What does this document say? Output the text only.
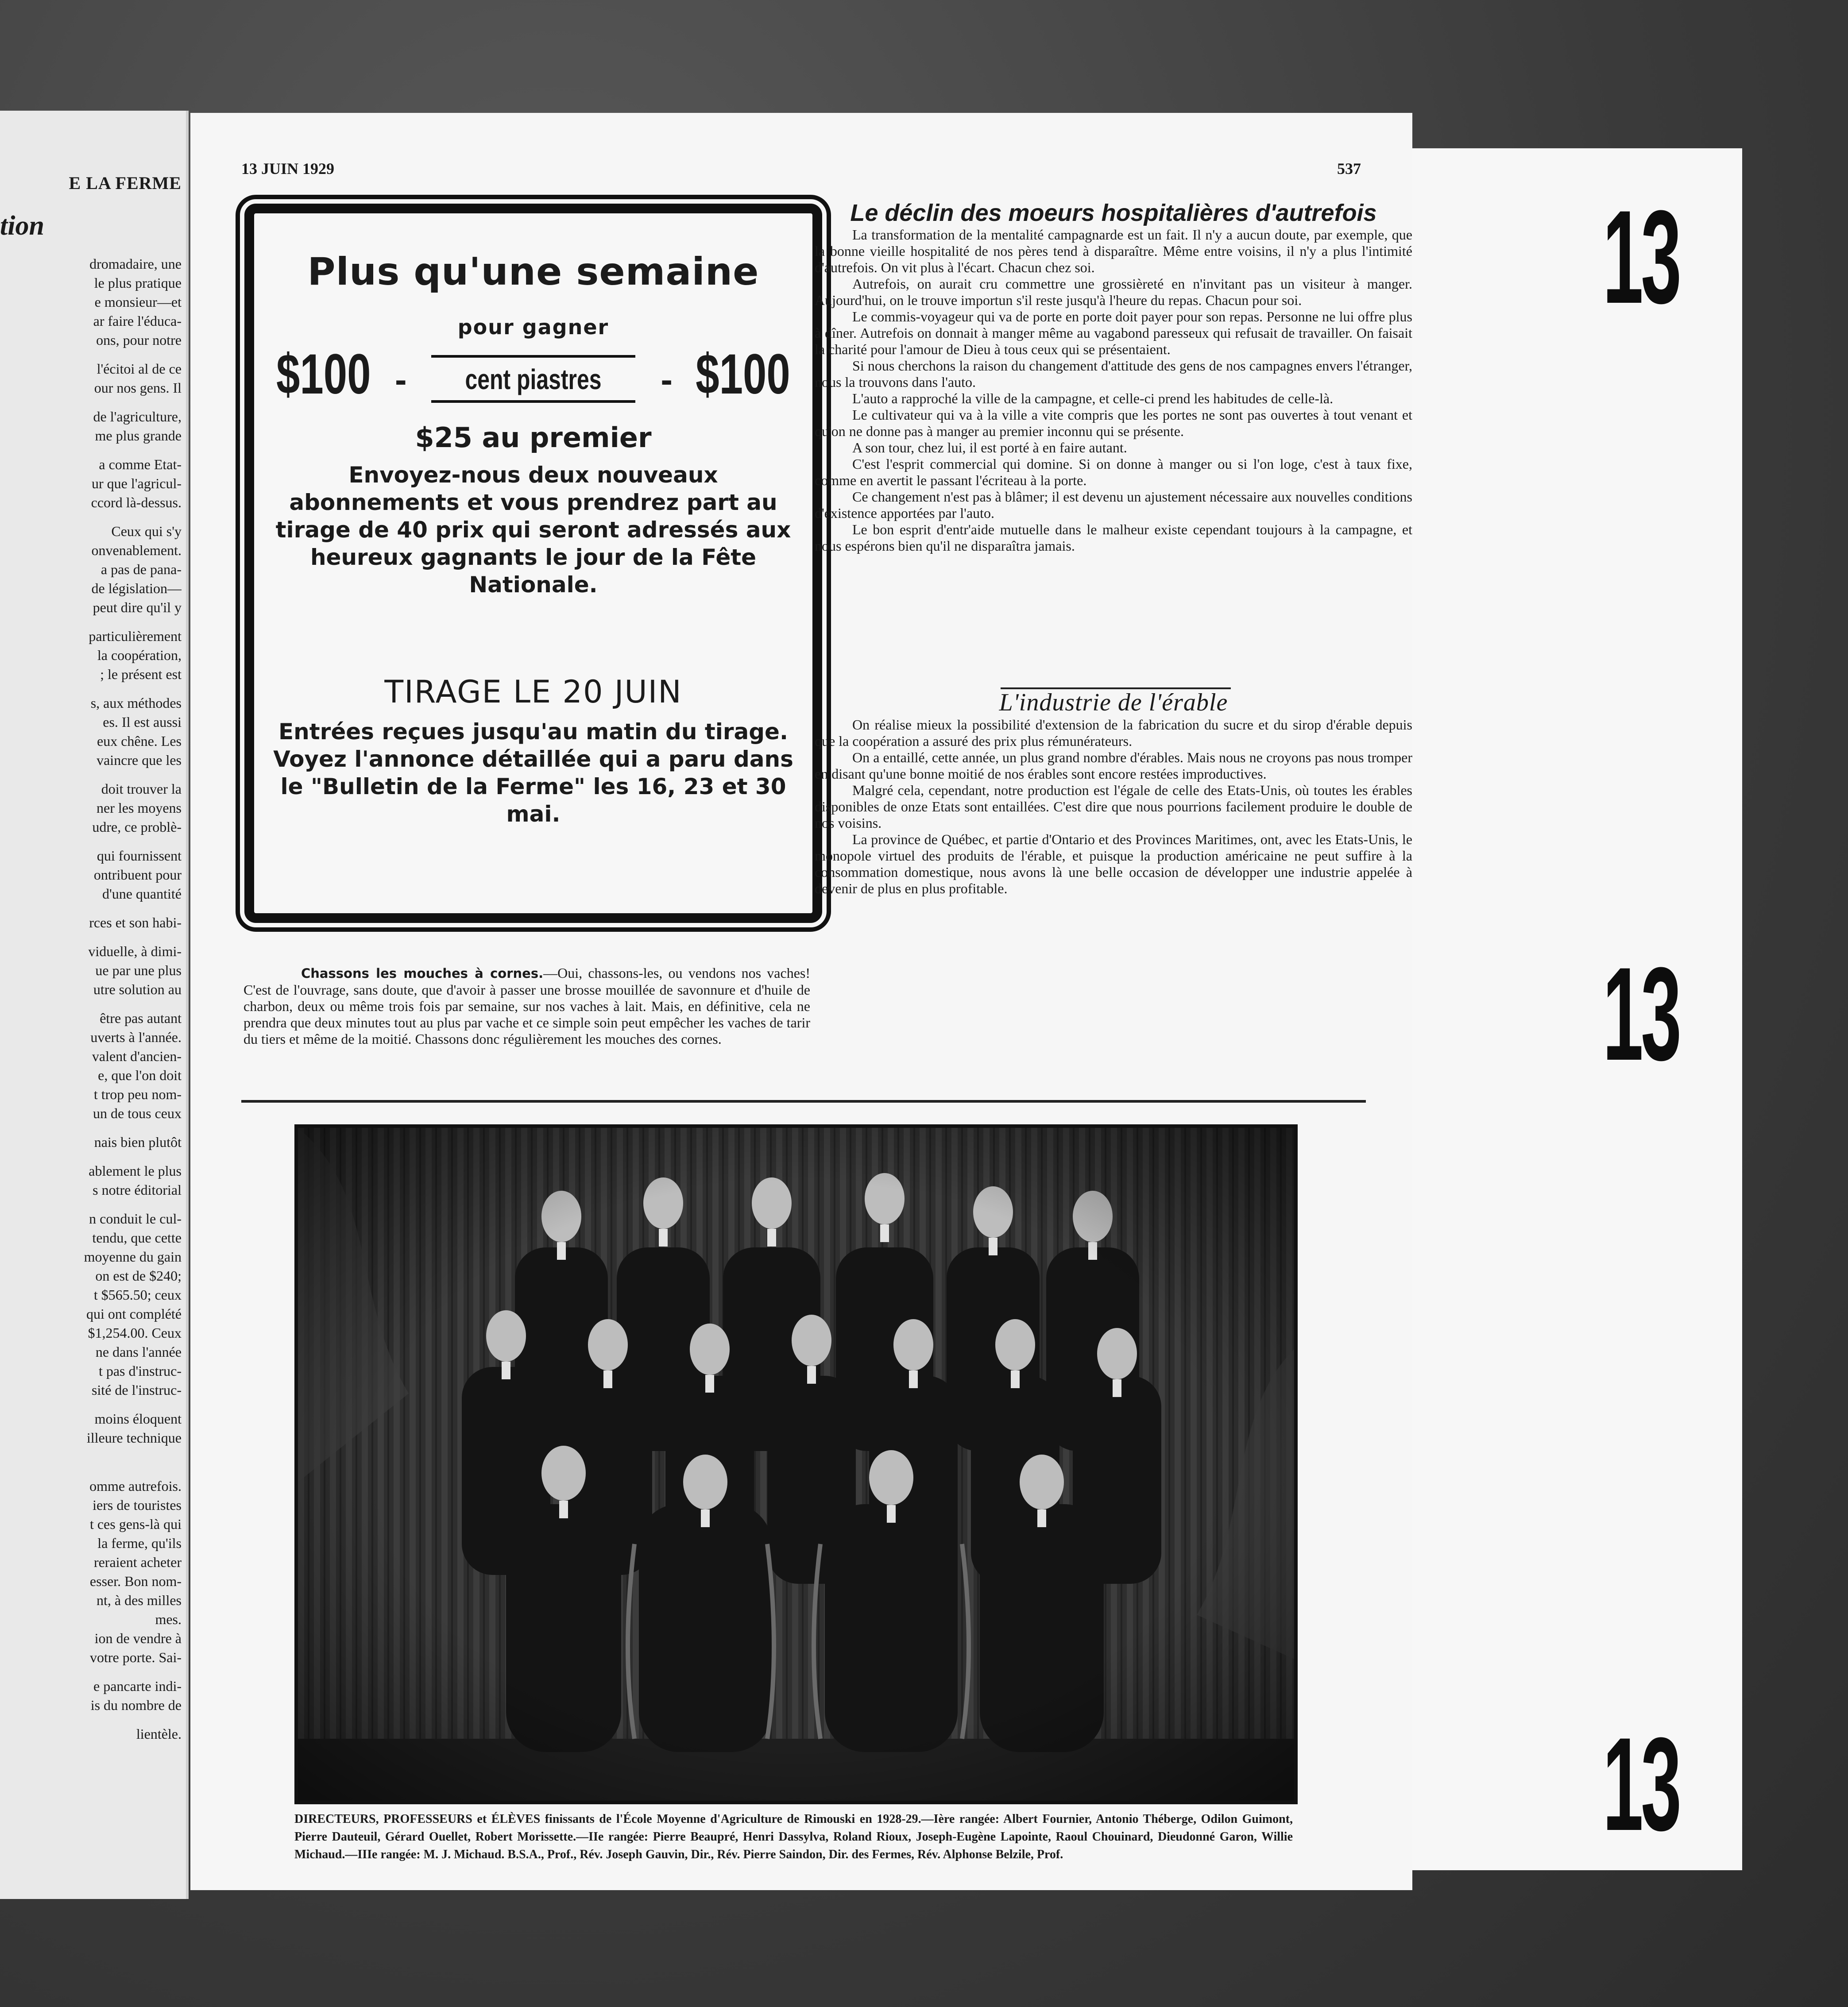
E LA FERME
tion
dromadaire, une
le plus pratique
e monsieur—et
ar faire l'éduca-
ons, pour notre
l'écitoi al de ce
our nos gens. Il
de l'agriculture,
me plus grande
a comme Etat-
ur que l'agricul-
ccord là-dessus.
Ceux qui s'y
onvenablement.
a pas de pana-
de législation—
peut dire qu'il y
particulièrement
la coopération,
; le présent est
s, aux méthodes
es. Il est aussi
eux chêne. Les
vaincre que les
doit trouver la
ner les moyens
udre, ce problè-
qui fournissent
ontribuent pour
d'une quantité
rces et son habi-
viduelle, à dimi-
ue par une plus
utre solution au
être pas autant
uverts à l'année.
valent d'ancien-
e, que l'on doit
t trop peu nom-
un de tous ceux
nais bien plutôt
ablement le plus
s notre éditorial
n conduit le cul-
tendu, que cette
moyenne du gain
on est de $240;
t $565.50; ceux
qui ont complété
$1,254.00. Ceux
ne dans l'année
t pas d'instruc-
sité de l'instruc-
moins éloquent
illeure technique
omme autrefois.
iers de touristes
t ces gens-là qui
la ferme, qu'ils
reraient acheter
esser. Bon nom-
nt, à des milles
mes.
ion de vendre à
votre porte. Sai-
e pancarte indi-
is du nombre de
lientèle.
13
13
13
13 JUIN 1929	537
Plus qu'une semaine
pour gagner
$100 -	cent piastres	- $100
$25 au premier
Envoyez-nous deux nouveaux abonnements et vous prendrez part au tirage de 40 prix qui seront adressés aux heureux gagnants le jour de la Fête Nationale.
TIRAGE LE 20 JUIN
Entrées reçues jusqu'au matin du tirage. Voyez l'annonce détaillée qui a paru dans le "Bulletin de la Ferme" les 16, 23 et 30 mai.
Le déclin des moeurs hospitalières d'autrefois

La transformation de la mentalité campagnarde est un fait. Il n'y a aucun doute, par exemple, que la bonne vieille hospitalité de nos pères tend à disparaître. Même entre voisins, il n'y a plus l'intimité d'autrefois. On vit plus à l'écart. Chacun chez soi.

Autrefois, on aurait cru commettre une grossièreté en n'invitant pas un visiteur à manger. Aujourd'hui, on le trouve importun s'il reste jusqu'à l'heure du repas. Chacun pour soi.

Le commis-voyageur qui va de porte en porte doit payer pour son repas. Personne ne lui offre plus à dîner. Autrefois on donnait à manger même au vagabond paresseux qui refusait de travailler. On faisait la charité pour l'amour de Dieu à tous ceux qui se présentaient.

Si nous cherchons la raison du changement d'attitude des gens de nos campagnes envers l'étranger, nous la trouvons dans l'auto.

L'auto a rapproché la ville de la campagne, et celle-ci prend les habitudes de celle-là.

Le cultivateur qui va à la ville a vite compris que les portes ne sont pas ouvertes à tout venant et qu'on ne donne pas à manger au premier inconnu qui se présente.

A son tour, chez lui, il est porté à en faire autant.

C'est l'esprit commercial qui domine. Si on donne à manger ou si l'on loge, c'est à taux fixe, comme en avertit le passant l'écriteau à la porte.

Ce changement n'est pas à blâmer; il est devenu un ajustement nécessaire aux nouvelles conditions d'existence apportées par l'auto.

Le bon esprit d'entr'aide mutuelle dans le malheur existe cependant toujours à la campagne, et nous espérons bien qu'il ne disparaîtra jamais.

L'industrie de l'érable

On réalise mieux la possibilité d'extension de la fabrication du sucre et du sirop d'érable depuis que la coopération a assuré des prix plus rémunérateurs.

On a entaillé, cette année, un plus grand nombre d'érables. Mais nous ne croyons pas nous tromper en disant qu'une bonne moitié de nos érables sont encore restées improductives.

Malgré cela, cependant, notre production est l'égale de celle des Etats-Unis, où toutes les érables disponibles de onze Etats sont entaillées. C'est dire que nous pourrions facilement produire le double de nos voisins.

La province de Québec, et partie d'Ontario et des Provinces Maritimes, ont, avec les Etats-Unis, le monopole virtuel des produits de l'érable, et puisque la production américaine ne peut suffire à la consommation domestique, nous avons là une belle occasion de développer une industrie appelée à devenir de plus en plus profitable.

Chassons les mouches à cornes.—Oui, chassons-les, ou vendons nos vaches! C'est de l'ouvrage, sans doute, que d'avoir à passer une brosse mouillée de savonnure et d'huile de charbon, deux ou même trois fois par semaine, sur nos vaches à lait. Mais, en définitive, cela ne prendra que deux minutes tout au plus par vache et ce simple soin peut empêcher les vaches de tarir du tiers et même de la moitié. Chassons donc régulièrement les mouches des cornes.

DIRECTEURS, PROFESSEURS et ÉLÈVES finissants de l'École Moyenne d'Agriculture de Rimouski en 1928-29.—Ière rangée: Albert Fournier, Antonio Théberge, Odilon Guimont, Pierre Dauteuil, Gérard Ouellet, Robert Morissette.—IIe rangée: Pierre Beaupré, Henri Dassylva, Roland Rioux, Joseph-Eugène Lapointe, Raoul Chouinard, Dieudonné Garon, Willie Michaud.—IIIe rangée: M. J. Michaud. B.S.A., Prof., Rév. Joseph Gauvin, Dir., Rév. Pierre Saindon, Dir. des Fermes, Rév. Alphonse Belzile, Prof.
